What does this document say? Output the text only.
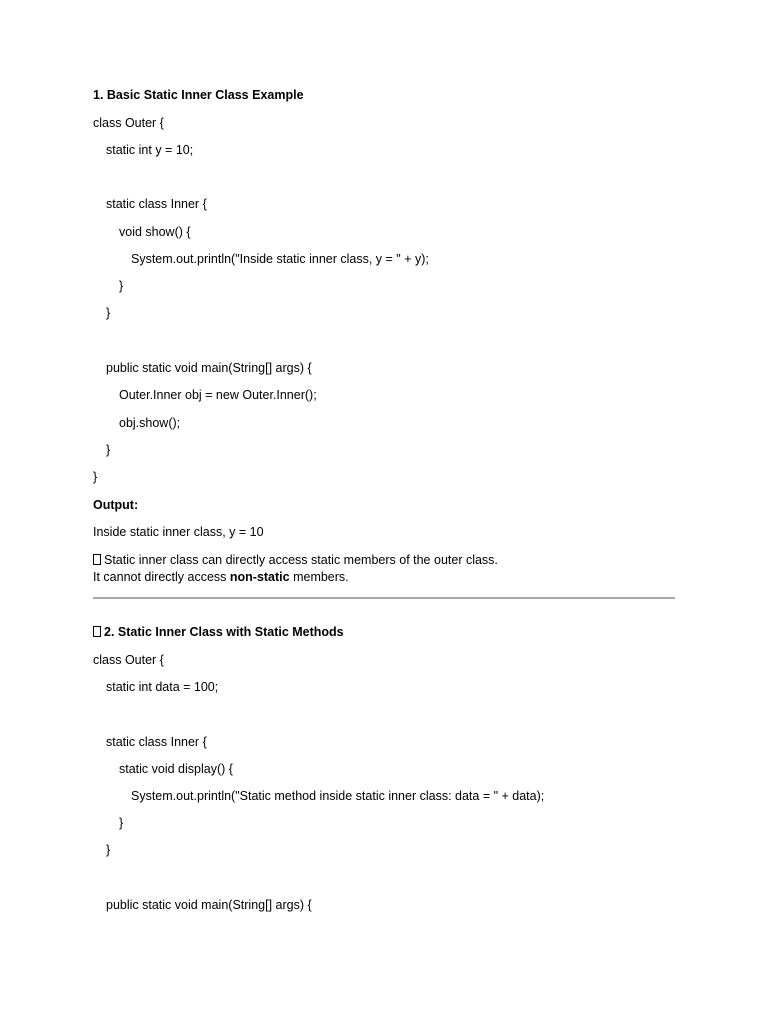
1. Basic Static Inner Class Example
class Outer {
static int y = 10;
static class Inner {
void show() {
System.out.println("Inside static inner class, y = " + y);
}
}
public static void main(String[] args) {
Outer.Inner obj = new Outer.Inner();
obj.show();
}
}
Output:
Inside static inner class, y = 10
Static inner class can directly access static members of the outer class.
It cannot directly access non-static members.
2. Static Inner Class with Static Methods
class Outer {
static int data = 100;
static class Inner {
static void display() {
System.out.println("Static method inside static inner class: data = " + data);
}
}
public static void main(String[] args) {
